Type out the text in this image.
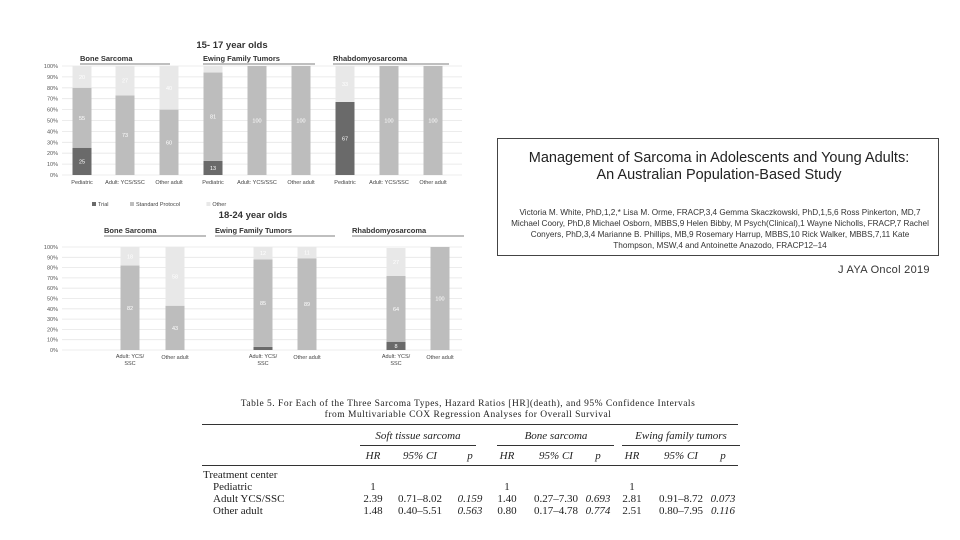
15- 17 year olds
0%
10%
20%
30%
40%
50%
60%
70%
80%
90%
100%
Bone Sarcoma	Ewing Family Tumors	Rhabdomyosarcoma
25
55
20
Pediatric
73
27
Adult: YCS/SSC
60
40
Other adult
13
81
Pediatric
100
Adult: YCS/SSC
100
Other adult
67
33
Pediatric
100
Adult: YCS/SSC
100
Other adult
Trial	Standard Protocol	Other
18-24 year olds
0%
10%
20%
30%
40%
50%
60%
70%
80%
90%
100%
Bone Sarcoma	Ewing Family Tumors	Rhabdomyosarcoma
82
18
Adult: YCS/
SSC
43
58
Other adult
85
12
Adult: YCS/
SSC
89
11
Other adult
8
64
27
Adult: YCS/
SSC
100
Other adult
Management of Sarcoma in Adolescents and Young Adults:
An Australian Population-Based Study
Victoria M. White, PhD,1,2,* Lisa M. Orme, FRACP,3,4 Gemma Skaczkowski, PhD,1,5,6 Ross Pinkerton, MD,7 Michael Coory, PhD,8 Michael Osborn, MBBS,9 Helen Bibby, M Psych(Clinical),1 Wayne Nicholls, FRACP,7 Rachel Conyers, PhD,3,4 Marianne B. Phillips, MB,9 Rosemary Harrup, MBBS,10 Rick Walker, MBBS,7,11 Kate Thompson, MSW,4 and Antoinette Anazodo, FRACP12–14
J AYA Oncol 2019
Table 5. For Each of the Three Sarcoma Types, Hazard Ratios [HR](death), and 95% Confidence Intervals
from Multivariable COX Regression Analyses for Overall Survival
Soft tissue sarcoma	Bone sarcoma	Ewing family tumors
HR 95% CI	p HR 95% CI p HR 95% CI p
Treatment center
Pediatric	1	1	1
Adult YCS/SSC	2.39 0.71–8.02 0.159 1.40 0.27–7.30 0.693 2.81 0.91–8.72 0.073
Other adult	1.48 0.40–5.51 0.563 0.80 0.17–4.78 0.774 2.51 0.80–7.95 0.116
